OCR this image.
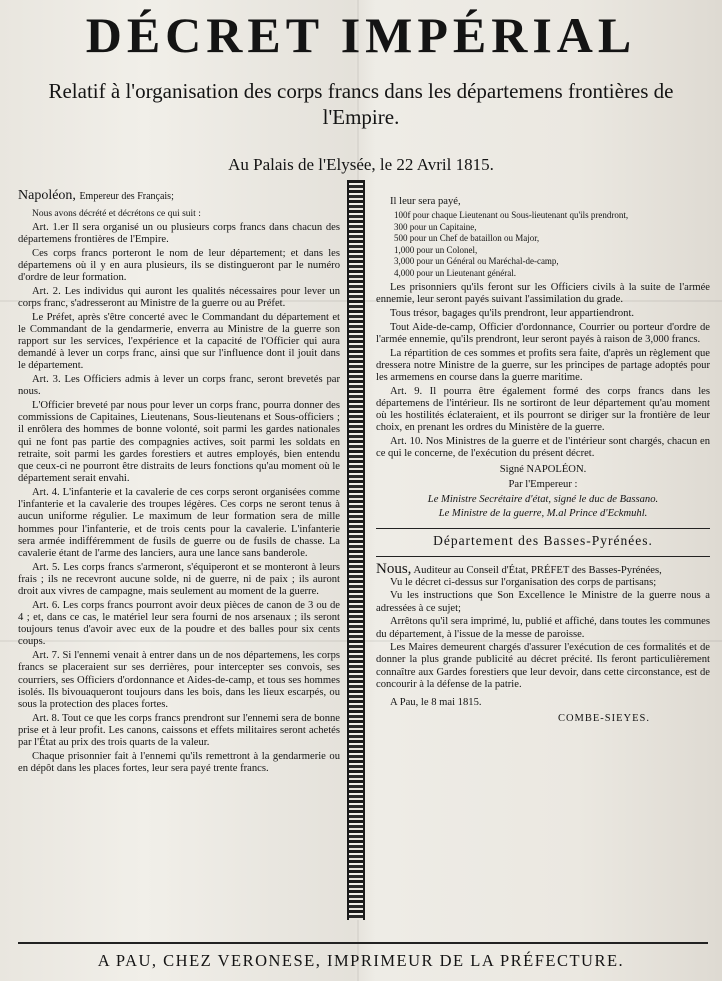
DÉCRET IMPÉRIAL
Relatif à l'organisation des corps francs dans les départemens frontières de l'Empire.
Au Palais de l'Elysée, le 22 Avril 1815.
Napoléon, Empereur des Français;

Nous avons décrété et décrétons ce qui suit :

Art. 1.er Il sera organisé un ou plusieurs corps francs dans chacun des départemens frontières de l'Empire.

Ces corps francs porteront le nom de leur département; et dans les départemens où il y en aura plusieurs, ils se distingueront par le numéro d'ordre de leur formation.

Art. 2. Les individus qui auront les qualités nécessaires pour lever un corps franc, s'adresseront au Ministre de la guerre ou au Préfet.

Le Préfet, après s'être concerté avec le Commandant du département et le Commandant de la gendarmerie, enverra au Ministre de la guerre son rapport sur les services, l'expérience et la capacité de l'Officier qui aura demandé à lever un corps franc, ainsi que sur l'influence dont il jouit dans le département.

Art. 3. Les Officiers admis à lever un corps franc, seront brevetés par nous.

L'Officier breveté par nous pour lever un corps franc, pourra donner des commissions de Capitaines, Lieutenans, Sous-lieutenans et Sous-officiers ; il enrôlera des hommes de bonne volonté, soit parmi les gardes nationales qui ne font pas partie des compagnies actives, soit parmi les soldats en retraite, soit parmi les gardes forestiers et autres employés, bien entendu que ceux-ci ne pourront être distraits de leurs fonctions qu'au moment où le département serait envahi.

Art. 4. L'infanterie et la cavalerie de ces corps seront organisées comme l'infanterie et la cavalerie des troupes légères. Ces corps ne seront tenus à aucun uniforme régulier. Le maximum de leur formation sera de mille hommes pour l'infanterie, et de trois cents pour la cavalerie. L'infanterie sera armée indifféremment de fusils de guerre ou de fusils de chasse. La cavalerie étant de l'arme des lanciers, aura une lance sans banderole.

Art. 5. Les corps francs s'armeront, s'équiperont et se monteront à leurs frais ; ils ne recevront aucune solde, ni de guerre, ni de paix ; ils auront droit aux vivres de campagne, mais seulement au moment de la guerre.

Art. 6. Les corps francs pourront avoir deux pièces de canon de 3 ou de 4 ; et, dans ce cas, le matériel leur sera fourni de nos arsenaux ; ils seront toujours tenus d'avoir avec eux de la poudre et des balles pour six cents coups.

Art. 7. Si l'ennemi venait à entrer dans un de nos départemens, les corps francs se placeraient sur ses derrières, pour intercepter ses convois, ses courriers, ses Officiers d'ordonnance et Aides-de-camp, et tous ses hommes isolés. Ils bivouaqueront toujours dans les bois, dans les lieux escarpés, ou sous la protection des places fortes.

Art. 8. Tout ce que les corps francs prendront sur l'ennemi sera de bonne prise et à leur profit. Les canons, caissons et effets militaires seront achetés par l'État au prix des trois quarts de la valeur.

Chaque prisonnier fait à l'ennemi qu'ils remettront à la gendarmerie ou en dépôt dans les places fortes, leur sera payé trente francs.

Il leur sera payé,

100f pour chaque Lieutenant ou Sous-lieutenant qu'ils prendront,
300 pour un Capitaine,
500 pour un Chef de bataillon ou Major,
1,000 pour un Colonel,
3,000 pour un Général ou Maréchal-de-camp,
4,000 pour un Lieutenant général.

Les prisonniers qu'ils feront sur les Officiers civils à la suite de l'armée ennemie, leur seront payés suivant l'assimilation du grade.

Tous trésor, bagages qu'ils prendront, leur appartiendront.

Tout Aide-de-camp, Officier d'ordonnance, Courrier ou porteur d'ordre de l'armée ennemie, qu'ils prendront, leur seront payés à raison de 3,000 francs.

La répartition de ces sommes et profits sera faite, d'après un règlement que dressera notre Ministre de la guerre, sur les principes de partage adoptés pour les armemens en course dans la guerre maritime.

Art. 9. Il pourra être également formé des corps francs dans les départemens de l'intérieur. Ils ne sortiront de leur département qu'au moment où les hostilités éclateraient, et ils pourront se diriger sur la frontière de leur choix, en prenant les ordres du Ministère de la guerre.

Art. 10. Nos Ministres de la guerre et de l'intérieur sont chargés, chacun en ce qui le concerne, de l'exécution du présent décret.

Signé NAPOLÉON.
Par l'Empereur :
Le Ministre Secrétaire d'état, signé le duc de Bassano.
Le Ministre de la guerre, M.al Prince d'Eckmuhl.
Département des Basses-Pyrénées.
Nous, Auditeur au Conseil d'État, PRÉFET des Basses-Pyrénées,

Vu le décret ci-dessus sur l'organisation des corps de partisans;

Vu les instructions que Son Excellence le Ministre de la guerre nous a adressées à ce sujet;

Arrêtons qu'il sera imprimé, lu, publié et affiché, dans toutes les communes du département, à l'issue de la messe de paroisse.

Les Maires demeurent chargés d'assurer l'exécution de ces formalités et de donner la plus grande publicité au décret précité. Ils feront particulièrement connaître aux Gardes forestiers que leur devoir, dans cette circonstance, est de concourir à la défense de la patrie.

A Pau, le 8 mai 1815.
COMBE-SIEYES.
A PAU, CHEZ VERONESE, IMPRIMEUR DE LA PRÉFECTURE.
